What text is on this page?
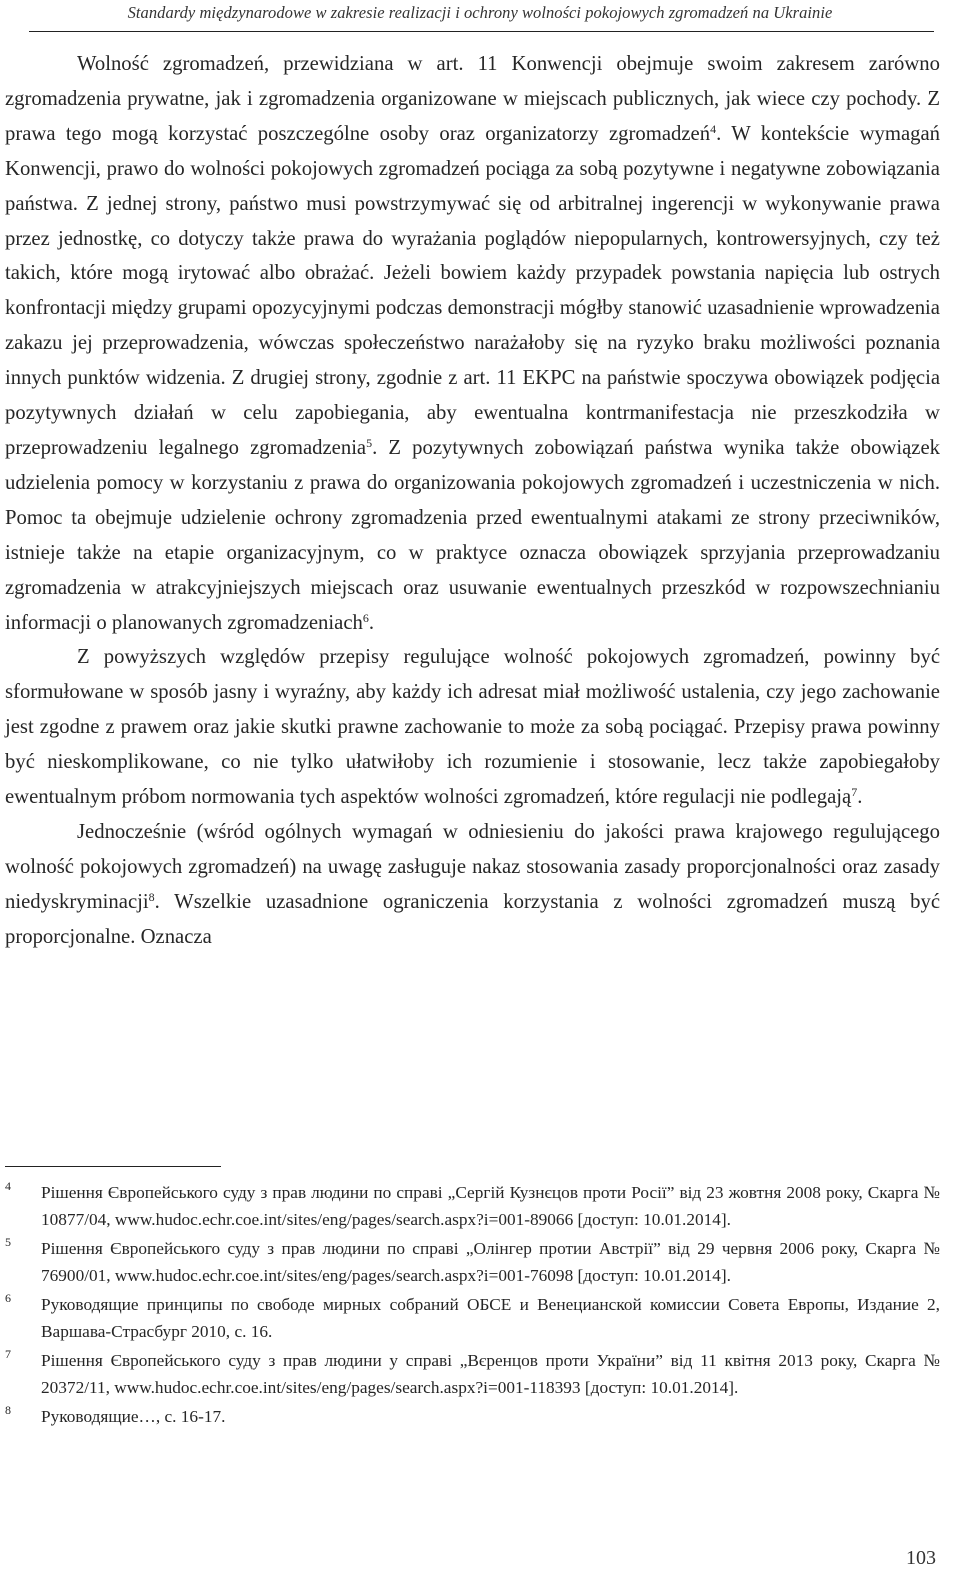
Standardy międzynarodowe w zakresie realizacji i ochrony wolności pokojowych zgromadzeń na Ukrainie

Wolność zgromadzeń, przewidziana w art. 11 Konwencji obejmuje swoim zakresem zarówno zgromadzenia prywatne, jak i zgromadzenia organizowane w miejscach publicznych, jak wiece czy pochody. Z prawa tego mogą korzystać poszczególne osoby oraz organizatorzy zgromadzeń$^4$. W kontekście wymagań Konwencji, prawo do wolności pokojowych zgromadzeń pociąga za sobą pozytywne i negatywne zobowiązania państwa. Z jednej strony, państwo musi powstrzymywać się od arbitralnej ingerencji w wykonywanie prawa przez jednostkę, co dotyczy także prawa do wyrażania poglądów niepopularnych, kontrowersyjnych, czy też takich, które mogą irytować albo obrażać. Jeżeli bowiem każdy przypadek powstania napięcia lub ostrych konfrontacji między grupami opozycyjnymi podczas demonstracji mógłby stanowić uzasadnienie wprowadzenia zakazu jej przeprowadzenia, wówczas społeczeństwo narażałoby się na ryzyko braku możliwości poznania innych punktów widzenia. Z drugiej strony, zgodnie z art. 11 EKPC na państwie spoczywa obowiązek podjęcia pozytywnych działań w celu zapobiegania, aby ewentualna kontrmanifestacja nie przeszkodziła w przeprowadzeniu legalnego zgromadzenia$^5$. Z pozytywnych zobowiązań państwa wynika także obowiązek udzielenia pomocy w korzystaniu z prawa do organizowania pokojowych zgromadzeń i uczestniczenia w nich. Pomoc ta obejmuje udzielenie ochrony zgromadzenia przed ewentualnymi atakami ze strony przeciwników, istnieje także na etapie organizacyjnym, co w praktyce oznacza obowiązek sprzyjania przeprowadzaniu zgromadzenia w atrakcyjniejszych miejscach oraz usuwanie ewentualnych przeszkód w rozpowszechnianiu informacji o planowanych zgromadzeniach$^6$.

Z powyższych względów przepisy regulujące wolność pokojowych zgromadzeń, powinny być sformułowane w sposób jasny i wyraźny, aby każdy ich adresat miał możliwość ustalenia, czy jego zachowanie jest zgodne z prawem oraz jakie skutki prawne zachowanie to może za sobą pociągać. Przepisy prawa powinny być nieskomplikowane, co nie tylko ułatwiłoby ich rozumienie i stosowanie, lecz także zapobiegałoby ewentualnym próbom normowania tych aspektów wolności zgromadzeń, które regulacji nie podlegają$^7$.

Jednocześnie (wśród ogólnych wymagań w odniesieniu do jakości prawa krajowego regulującego wolność pokojowych zgromadzeń) na uwagę zasługuje nakaz stosowania zasady proporcjonalności oraz zasady niedyskryminacji$^8$. Wszelkie uzasadnione ograniczenia korzystania z wolności zgromadzeń muszą być proporcjonalne. Oznacza

4 Рішення Європейського суду з прав людини по справі „Сергій Кузнєцов проти Росії” від 23 жовтня 2008 року, Скарга № 10877/04, www.hudoc.echr.coe.int/sites/eng/pages/search.aspx?i=001-89066 [доступ: 10.01.2014].
5 Рішення Європейського суду з прав людини по справі „Олінгер протии Австрії” від 29 червня 2006 року, Скарга № 76900/01, www.hudoc.echr.coe.int/sites/eng/pages/search.aspx?i=001-76098 [доступ: 10.01.2014].
6 Руководящие принципы по свободе мирных собраний ОБСЕ и Венецианской комиссии Совета Европы, Издание 2, Варшава-Страсбург 2010, с. 16.
7 Рішення Європейського суду з прав людини у справі „Вєренцов проти України” від 11 квітня 2013 року, Скарга № 20372/11, www.hudoc.echr.coe.int/sites/eng/pages/search.aspx?i=001-118393 [доступ: 10.01.2014].
8 Руководящие…, с. 16-17.
103
